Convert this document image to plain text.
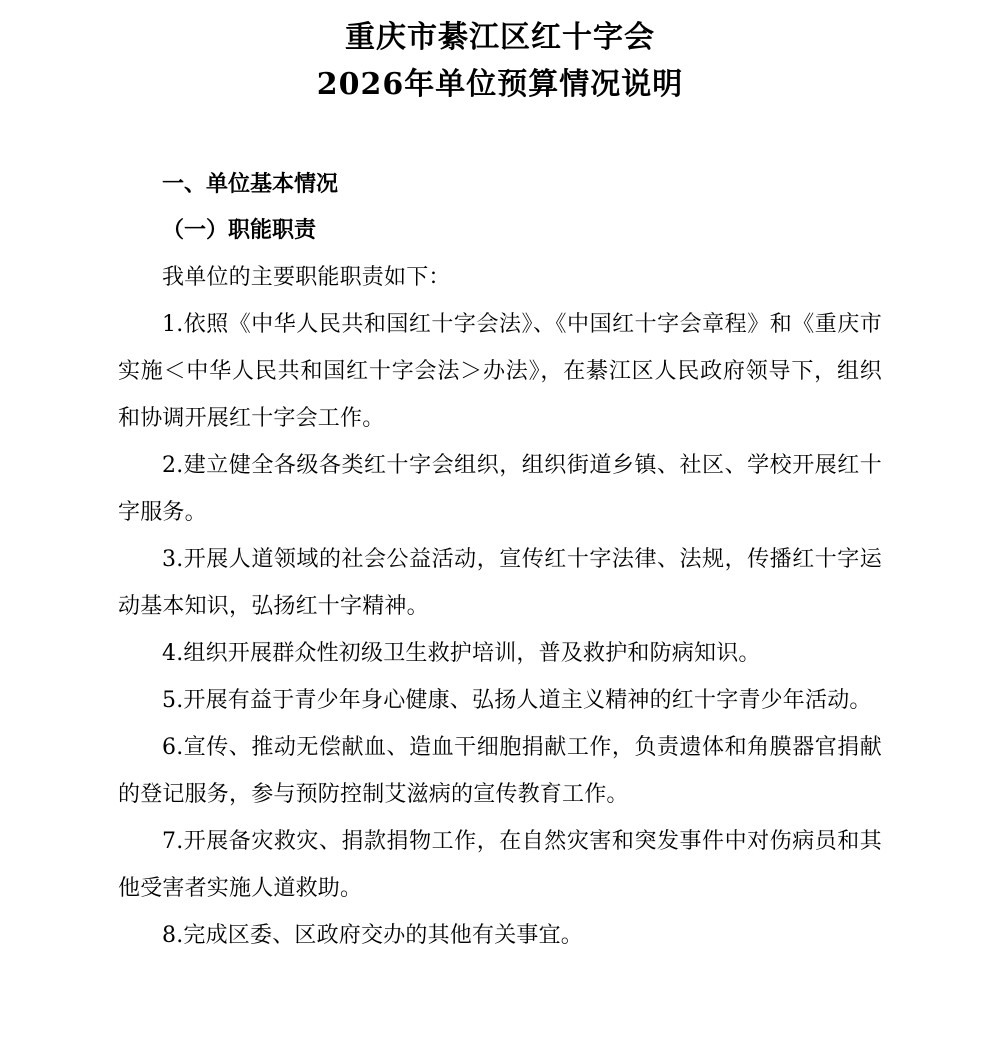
重庆市綦江区红十字会
2026年单位预算情况说明
一、单位基本情况
（一）职能职责

我单位的主要职能职责如下：

1.依照《中华人民共和国红十字会法》、《中国红十字会章程》和《重庆市实施＜中华人民共和国红十字会法＞办法》，在綦江区人民政府领导下，组织和协调开展红十字会工作。

2.建立健全各级各类红十字会组织，组织街道乡镇、社区、学校开展红十字服务。

3.开展人道领域的社会公益活动，宣传红十字法律、法规，传播红十字运动基本知识，弘扬红十字精神。

4.组织开展群众性初级卫生救护培训，普及救护和防病知识。

5.开展有益于青少年身心健康、弘扬人道主义精神的红十字青少年活动。

6.宣传、推动无偿献血、造血干细胞捐献工作，负责遗体和角膜器官捐献的登记服务，参与预防控制艾滋病的宣传教育工作。

7.开展备灾救灾、捐款捐物工作，在自然灾害和突发事件中对伤病员和其他受害者实施人道救助。

8.完成区委、区政府交办的其他有关事宜。
